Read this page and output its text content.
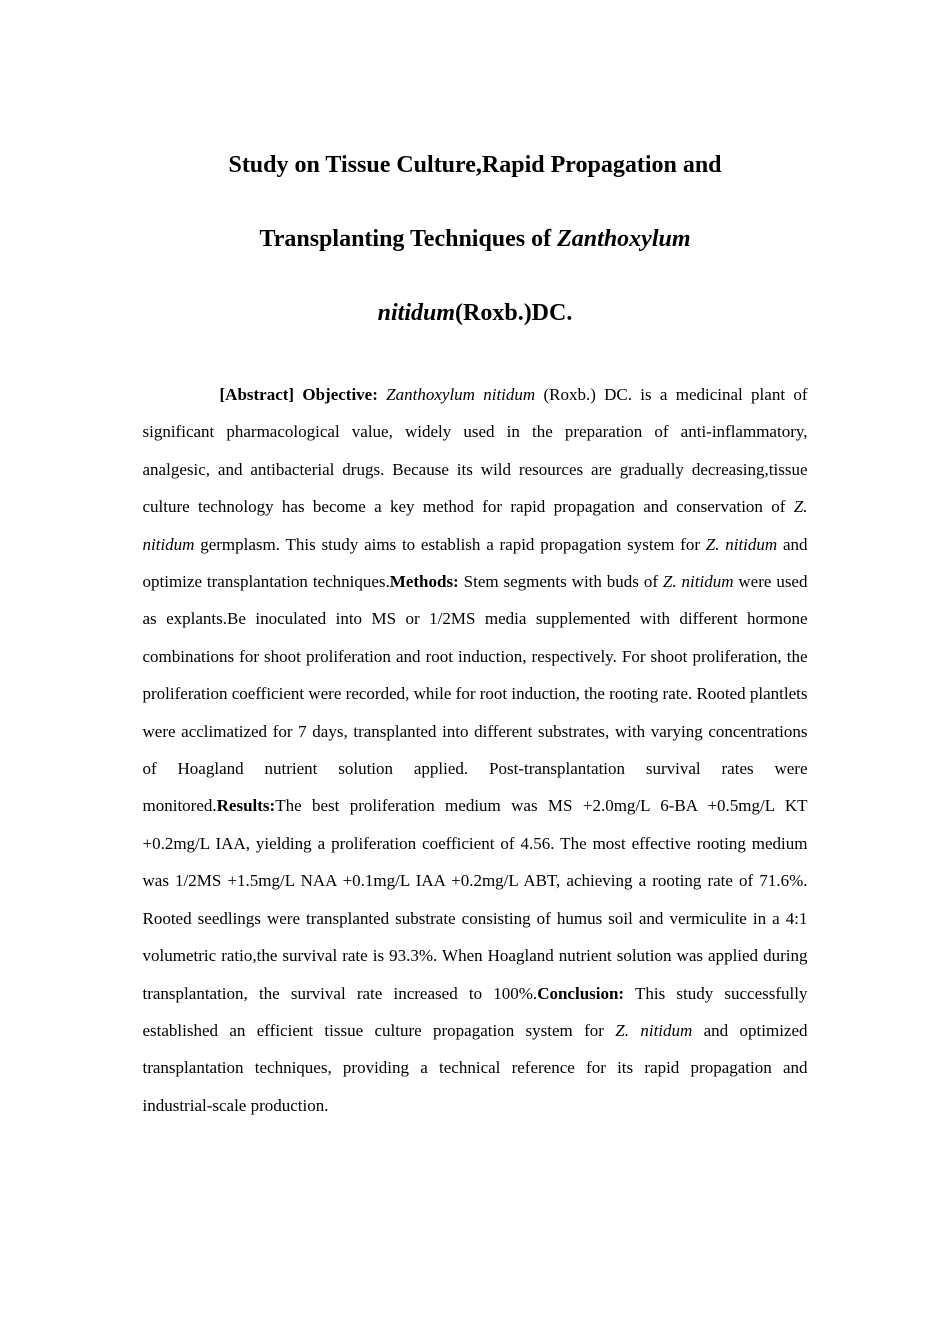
Study on Tissue Culture,Rapid Propagation and
Transplanting Techniques of Zanthoxylum
nitidum(Roxb.)DC.

[Abstract] Objective: Zanthoxylum nitidum (Roxb.) DC. is a medicinal plant of significant pharmacological value, widely used in the preparation of anti-inflammatory, analgesic, and antibacterial drugs. Because its wild resources are gradually decreasing,tissue culture technology has become a key method for rapid propagation and conservation of Z. nitidum germplasm. This study aims to establish a rapid propagation system for Z. nitidum and optimize transplantation techniques.Methods: Stem segments with buds of Z. nitidum were used as explants.Be inoculated into MS or 1/2MS media supplemented with different hormone combinations for shoot proliferation and root induction, respectively. For shoot proliferation, the proliferation coefficient were recorded, while for root induction, the rooting rate. Rooted plantlets were acclimatized for 7 days, transplanted into different substrates, with varying concentrations of Hoagland nutrient solution applied. Post-transplantation survival rates were monitored.Results:The best proliferation medium was MS +2.0mg/L 6-BA +0.5mg/L KT +0.2mg/L IAA, yielding a proliferation coefficient of 4.56. The most effective rooting medium was 1/2MS +1.5mg/L NAA +0.1mg/L IAA +0.2mg/L ABT, achieving a rooting rate of 71.6%. Rooted seedlings were transplanted substrate consisting of humus soil and vermiculite in a 4:1 volumetric ratio,the survival rate is 93.3%. When Hoagland nutrient solution was applied during transplantation, the survival rate increased to 100%.Conclusion: This study successfully established an efficient tissue culture propagation system for Z. nitidum and optimized transplantation techniques, providing a technical reference for its rapid propagation and industrial-scale production.
